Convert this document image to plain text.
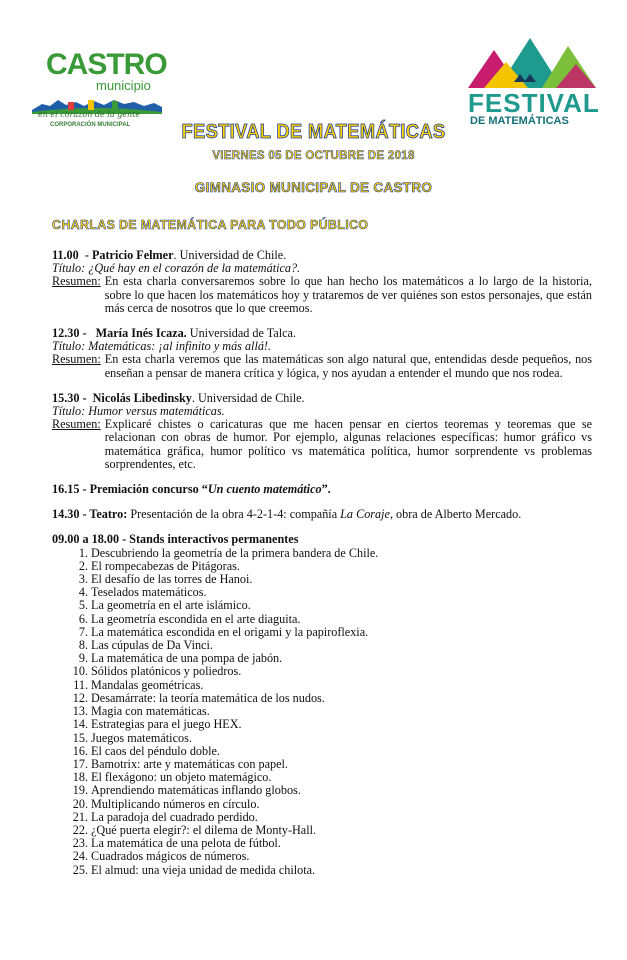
CASTRO
municipio
en el corazón de la gente
CORPORACIÓN MUNICIPAL
FESTIVAL
DE MATEMÁTICAS
FESTIVAL DE MATEMÁTICAS
VIERNES 05 DE OCTUBRE DE 2018
GIMNASIO MUNICIPAL DE CASTRO
CHARLAS DE MATEMÁTICA PARA TODO PÚBLICO

11.00 - Patricio Felmer. Universidad de Chile.

Título: ¿Qué hay en el corazón de la matemática?.

Resumen: En esta charla conversaremos sobre lo que han hecho los matemáticos a lo largo de la historia, sobre lo que hacen los matemáticos hoy y trataremos de ver quiénes son estos personajes, que están más cerca de nosotros que lo que creemos.

12.30 - María Inés Icaza. Universidad de Talca.

Título: Matemáticas: ¡al infinito y más allá!.

Resumen: En esta charla veremos que las matemáticas son algo natural que, entendidas desde pequeños, nos enseñan a pensar de manera crítica y lógica, y nos ayudan a entender el mundo que nos rodea.

15.30 - Nicolás Libedinsky. Universidad de Chile.

Título: Humor versus matemáticas.

Resumen: Explicaré chistes o caricaturas que me hacen pensar en ciertos teoremas y teoremas que se relacionan con obras de humor. Por ejemplo, algunas relaciones específicas: humor gráfico vs matemática gráfica, humor político vs matemática política, humor sorprendente vs problemas sorprendentes, etc.
16.15 - Premiación concurso “Un cuento matemático”.
14.30 - Teatro: Presentación de la obra 4-2-1-4: compañía La Coraje, obra de Alberto Mercado.
09.00 a 18.00 - Stands interactivos permanentes
1. Descubriendo la geometría de la primera bandera de Chile.
2. El rompecabezas de Pitágoras.
3. El desafío de las torres de Hanoi.
4. Teselados matemáticos.
5. La geometría en el arte islámico.
6. La geometría escondida en el arte diaguita.
7. La matemática escondida en el origami y la papiroflexia.
8. Las cúpulas de Da Vinci.
9. La matemática de una pompa de jabón.
10. Sólidos platónicos y poliedros.
11. Mandalas geométricas.
12. Desamárrate: la teoría matemática de los nudos.
13. Magia con matemáticas.
14. Estrategias para el juego HEX.
15. Juegos matemáticos.
16. El caos del péndulo doble.
17. Bamotrix: arte y matemáticas con papel.
18. El flexágono: un objeto matemágico.
19. Aprendiendo matemáticas inflando globos.
20. Multiplicando números en círculo.
21. La paradoja del cuadrado perdido.
22. ¿Qué puerta elegir?: el dilema de Monty-Hall.
23. La matemática de una pelota de fútbol.
24. Cuadrados mágicos de números.
25. El almud: una vieja unidad de medida chilota.
